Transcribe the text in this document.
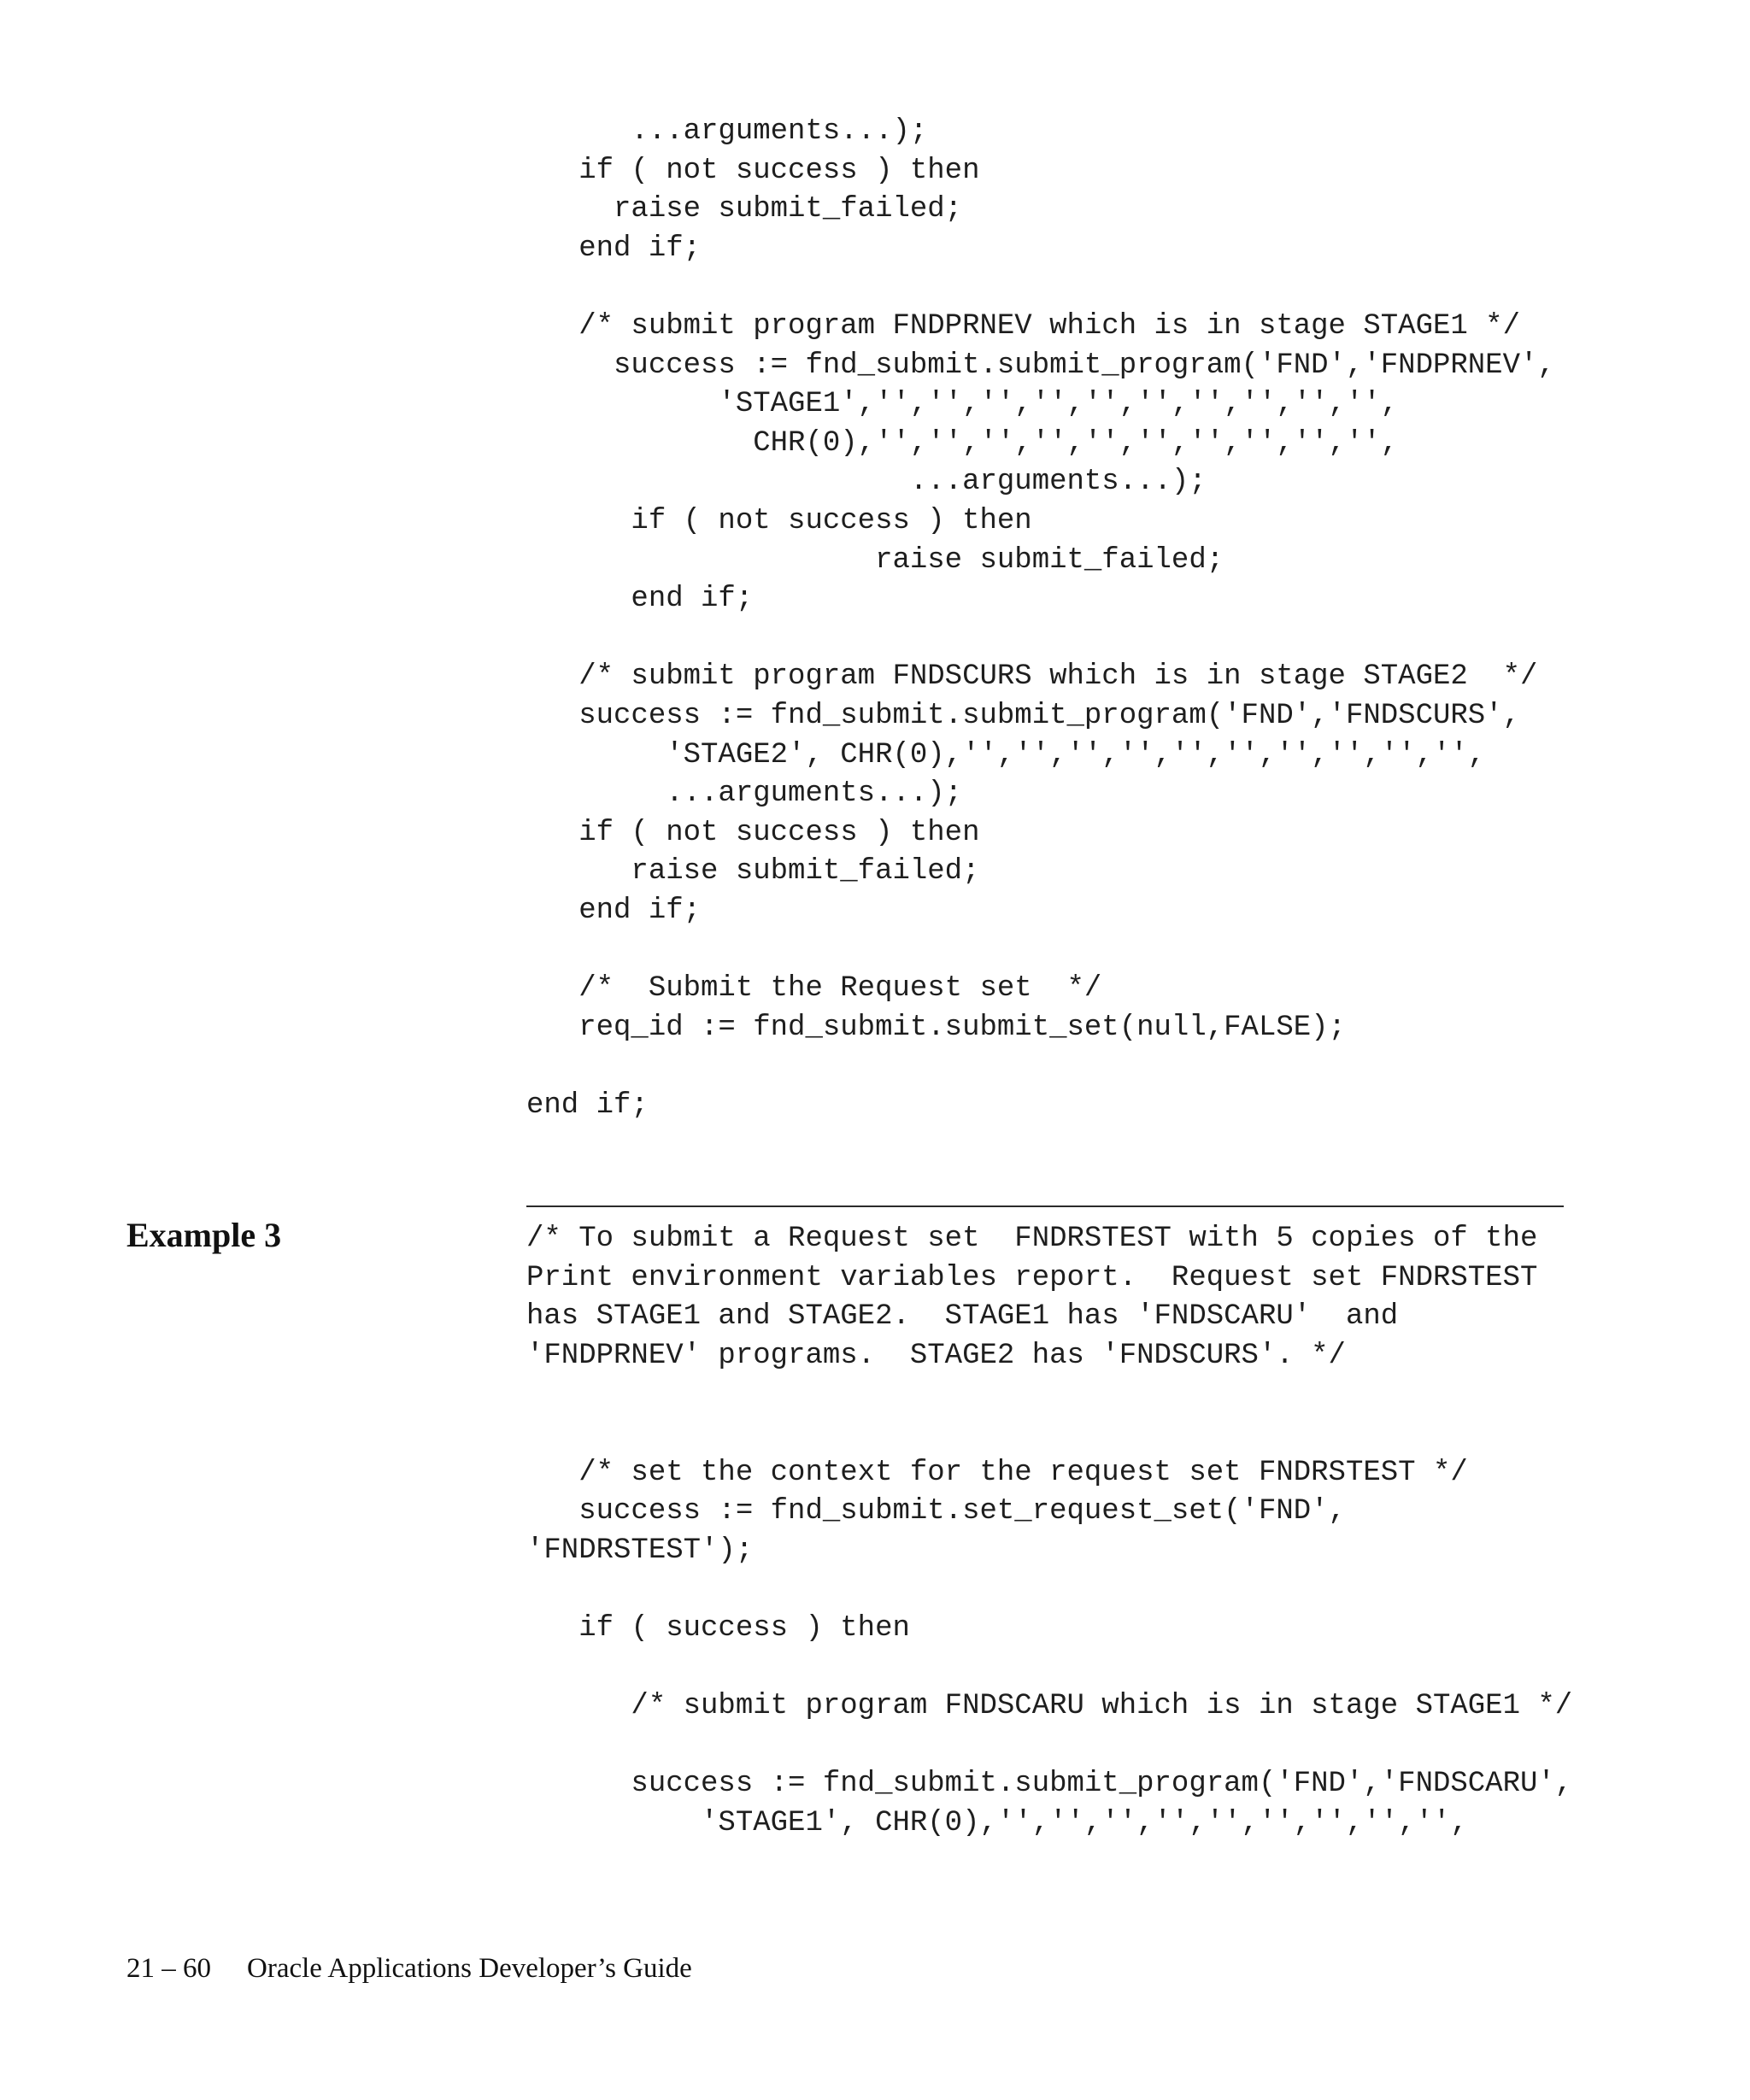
...arguments...);
if ( not success ) then
raise submit_failed;
end if;

/* submit program FNDPRNEV which is in stage STAGE1 */
success := fnd_submit.submit_program('FND','FNDPRNEV',
'STAGE1','','','','','','','','','','',
CHR(0),'','','','','','','','','','',
...arguments...);
if ( not success ) then
raise submit_failed;
end if;

/* submit program FNDSCURS which is in stage STAGE2  */
success := fnd_submit.submit_program('FND','FNDSCURS',
'STAGE2', CHR(0),'','','','','','','','','','',
...arguments...);
if ( not success ) then
raise submit_failed;
end if;

/*  Submit the Request set  */
req_id := fnd_submit.submit_set(null,FALSE);

end if;
Example 3	/* To submit a Request set  FNDRSTEST with 5 copies of the
Print environment variables report.  Request set FNDRSTEST
has STAGE1 and STAGE2.  STAGE1 has 'FNDSCARU'  and
'FNDPRNEV' programs.  STAGE2 has 'FNDSCURS'. */

/* set the context for the request set FNDRSTEST */
success := fnd_submit.set_request_set('FND',
'FNDRSTEST');

if ( success ) then

/* submit program FNDSCARU which is in stage STAGE1 */

success := fnd_submit.submit_program('FND','FNDSCARU',
'STAGE1', CHR(0),'','','','','','','','','',
21 – 60 Oracle Applications Developer’s Guide
